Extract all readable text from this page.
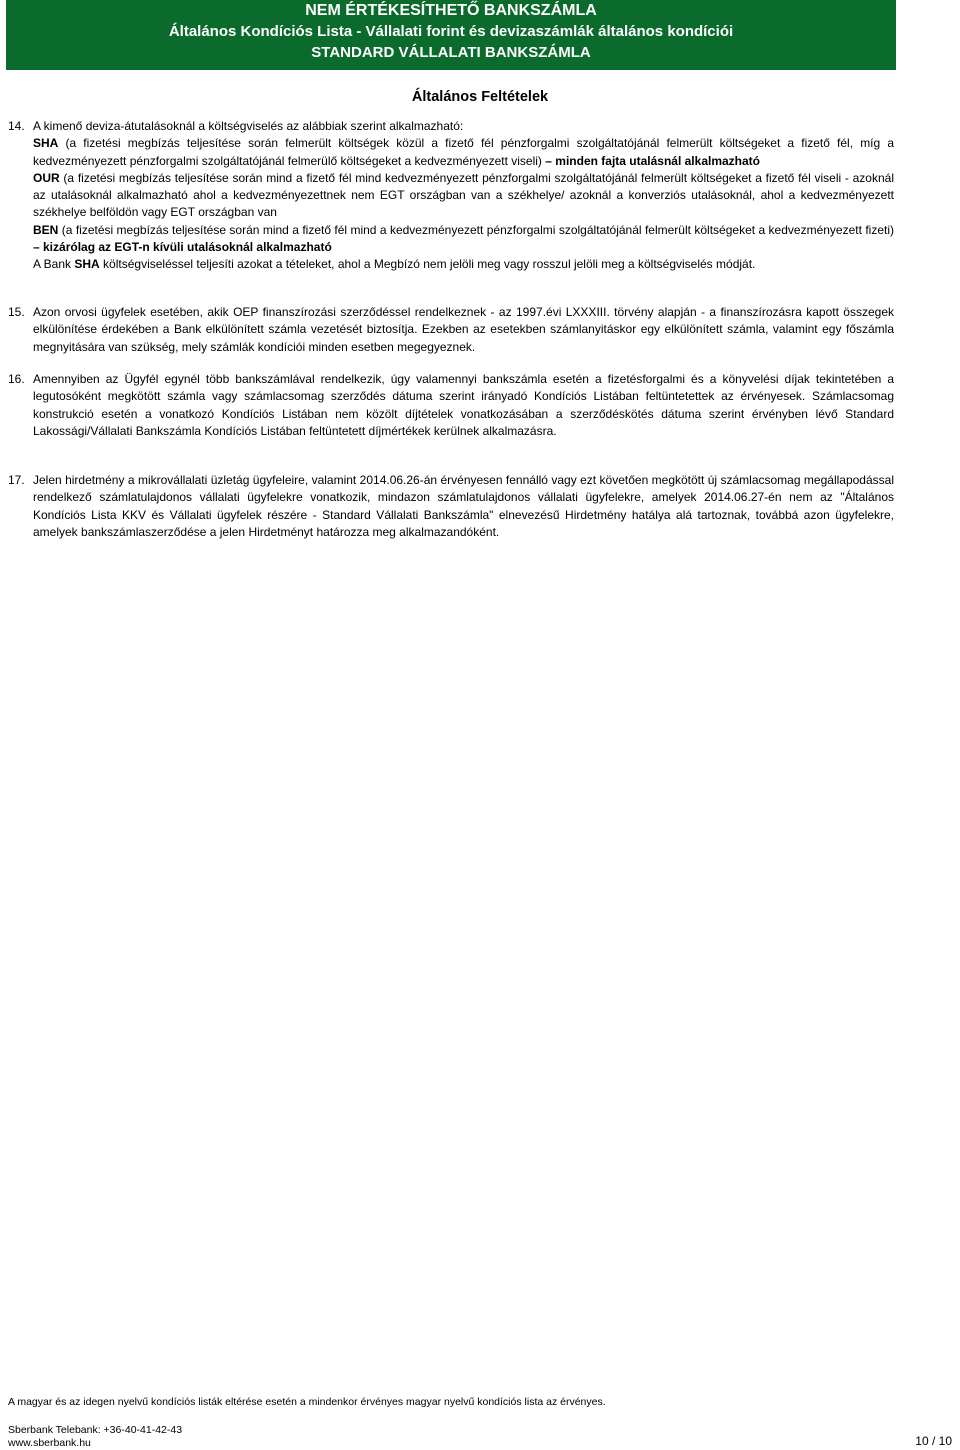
NEM ÉRTÉKESÍTHETŐ BANKSZÁMLA
Általános Kondíciós Lista - Vállalati forint és devizaszámlák általános kondíciói
STANDARD VÁLLALATI BANKSZÁMLA
Általános Feltételek
14. A kimenő deviza-átutalásoknál a költségviselés az alábbiak szerint alkalmazható:

SHA (a fizetési megbízás teljesítése során felmerült költségek közül a fizető fél pénzforgalmi szolgáltatójánál felmerült költségeket a fizető fél, míg a kedvezményezett pénzforgalmi szolgáltatójánál felmerülő költségeket a kedvezményezett viseli) – minden fajta utalásnál alkalmazható

OUR (a fizetési megbízás teljesítése során mind a fizető fél mind kedvezményezett pénzforgalmi szolgáltatójánál felmerült költségeket a fizető fél viseli - azoknál az utalásoknál alkalmazható ahol a kedvezményezettnek nem EGT országban van a székhelye/ azoknál a konverziós utalásoknál, ahol a kedvezményezett székhelye belföldön vagy EGT országban van

BEN (a fizetési megbízás teljesítése során mind a fizető fél mind a kedvezményezett pénzforgalmi szolgáltatójánál felmerült költségeket a kedvezményezett fizeti) – kizárólag az EGT-n kívüli utalásoknál alkalmazható

A Bank SHA költségviseléssel teljesíti azokat a tételeket, ahol a Megbízó nem jelöli meg vagy rosszul jelöli meg a költségviselés módját.

15. Azon orvosi ügyfelek esetében, akik OEP finanszírozási szerződéssel rendelkeznek - az 1997.évi LXXXIII. törvény alapján - a finanszírozásra kapott összegek elkülönítése érdekében a Bank elkülönített számla vezetését biztosítja. Ezekben az esetekben számlanyitáskor egy elkülönített számla, valamint egy főszámla megnyitására van szükség, mely számlák kondíciói minden esetben megegyeznek.

16. Amennyiben az Ügyfél egynél több bankszámlával rendelkezik, úgy valamennyi bankszámla esetén a fizetésforgalmi és a könyvelési díjak tekintetében a legutosóként megkötött számla vagy számlacsomag szerződés dátuma szerint irányadó Kondíciós Listában feltüntetettek az érvényesek. Számlacsomag konstrukció esetén a vonatkozó Kondíciós Listában nem közölt díjtételek vonatkozásában a szerződéskötés dátuma szerint érvényben lévő Standard Lakossági/Vállalati Bankszámla Kondíciós Listában feltüntetett díjmértékek kerülnek alkalmazásra.

17. Jelen hirdetmény a mikrovállalati üzletág ügyfeleire, valamint 2014.06.26-án érvényesen fennálló vagy ezt követően megkötött új számlacsomag megállapodással rendelkező számlatulajdonos vállalati ügyfelekre vonatkozik, mindazon számlatulajdonos vállalati ügyfelekre, amelyek 2014.06.27-én nem az "Általános Kondíciós Lista KKV és Vállalati ügyfelek részére - Standard Vállalati Bankszámla" elnevezésű Hirdetmény hatálya alá tartoznak, továbbá azon ügyfelekre, amelyek bankszámlaszerződése a jelen Hirdetményt határozza meg alkalmazandóként.

A magyar és az idegen nyelvű kondíciós listák eltérése esetén a mindenkor érvényes magyar nyelvű kondíciós lista az érvényes.
Sberbank Telebank: +36-40-41-42-43
www.sberbank.hu	10 / 10
